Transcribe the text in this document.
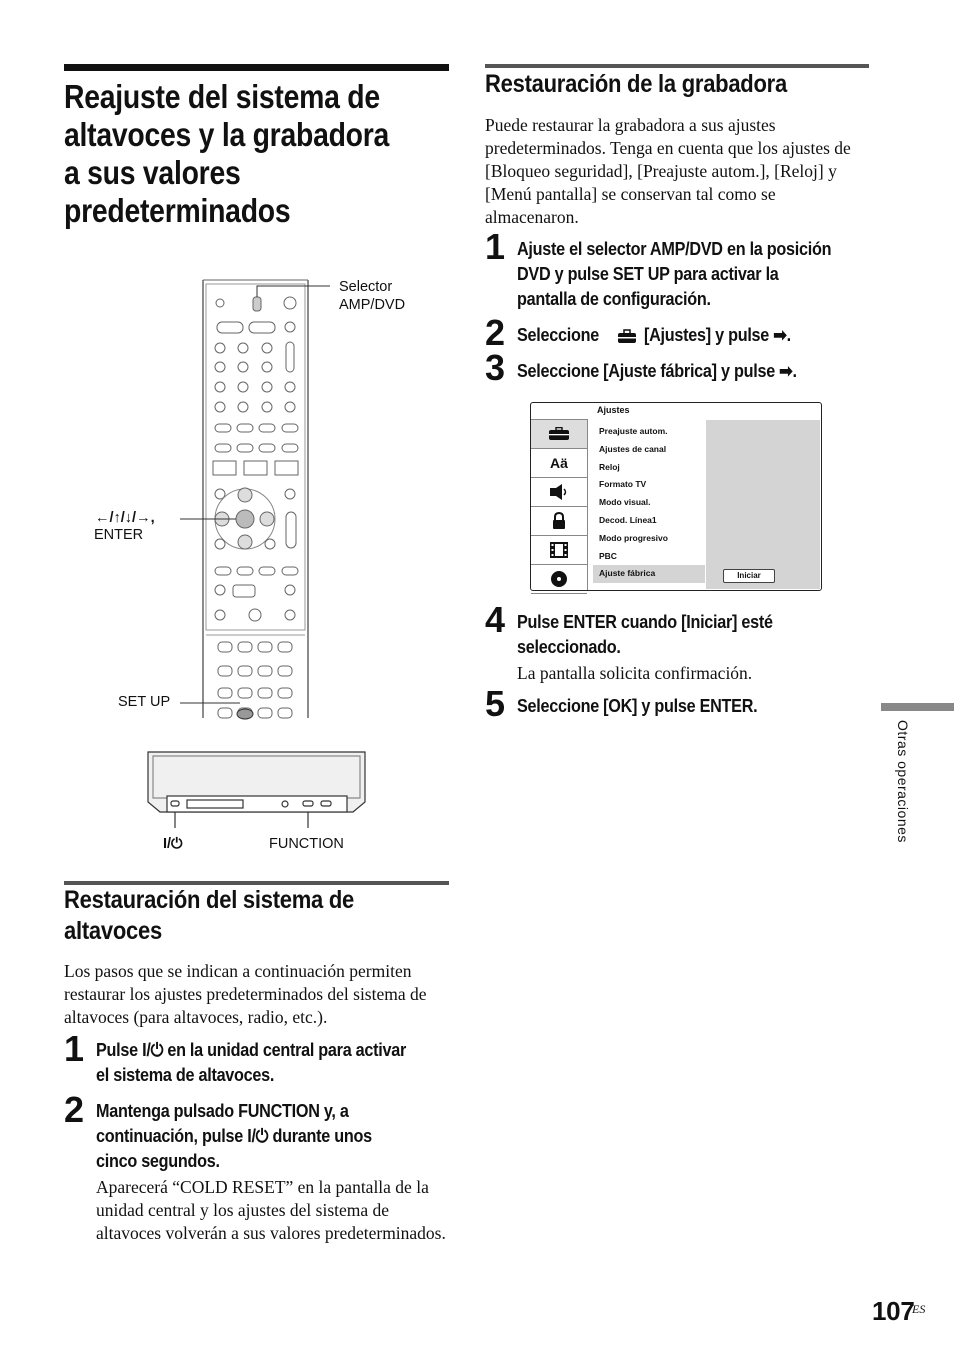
Reajuste del sistema de altavoces y la grabadora a sus valores predeterminados
Selector
AMP/DVD
←/↑/↓/→,
ENTER
SET UP
I/⏻	FUNCTION
Restauración del sistema de altavoces
Los pasos que se indican a continuación permiten restaurar los ajustes predeterminados del sistema de altavoces (para altavoces, radio, etc.).
1 Pulse I/⏻ en la unidad central para activar
el sistema de altavoces.
2 Mantenga pulsado FUNCTION y, a
continuación, pulse I/⏻ durante unos
cinco segundos.
Aparecerá “COLD RESET” en la pantalla de la unidad central y los ajustes del sistema de altavoces volverán a sus valores predeterminados.
Restauración de la grabadora
Puede restaurar la grabadora a sus ajustes predeterminados. Tenga en cuenta que los ajustes de [Bloqueo seguridad], [Preajuste autom.], [Reloj] y [Menú pantalla] se conservan tal como se almacenaron.
1 Ajuste el selector AMP/DVD en la posición
DVD y pulse SET UP para activar la
pantalla de configuración.
2 Seleccione	[Ajustes] y pulse ➡.
3 Seleccione [Ajuste fábrica] y pulse ➡.
Ajustes
Aä
Preajuste autom.
Ajustes de canal
Reloj
Formato TV
Modo visual.
Decod. Línea1
Modo progresivo
PBC
Ajuste fábrica	Iniciar
4 Pulse ENTER cuando [Iniciar] esté
seleccionado.
La pantalla solicita confirmación.
5 Seleccione [OK] y pulse ENTER.
Otras operaciones
107
ES
